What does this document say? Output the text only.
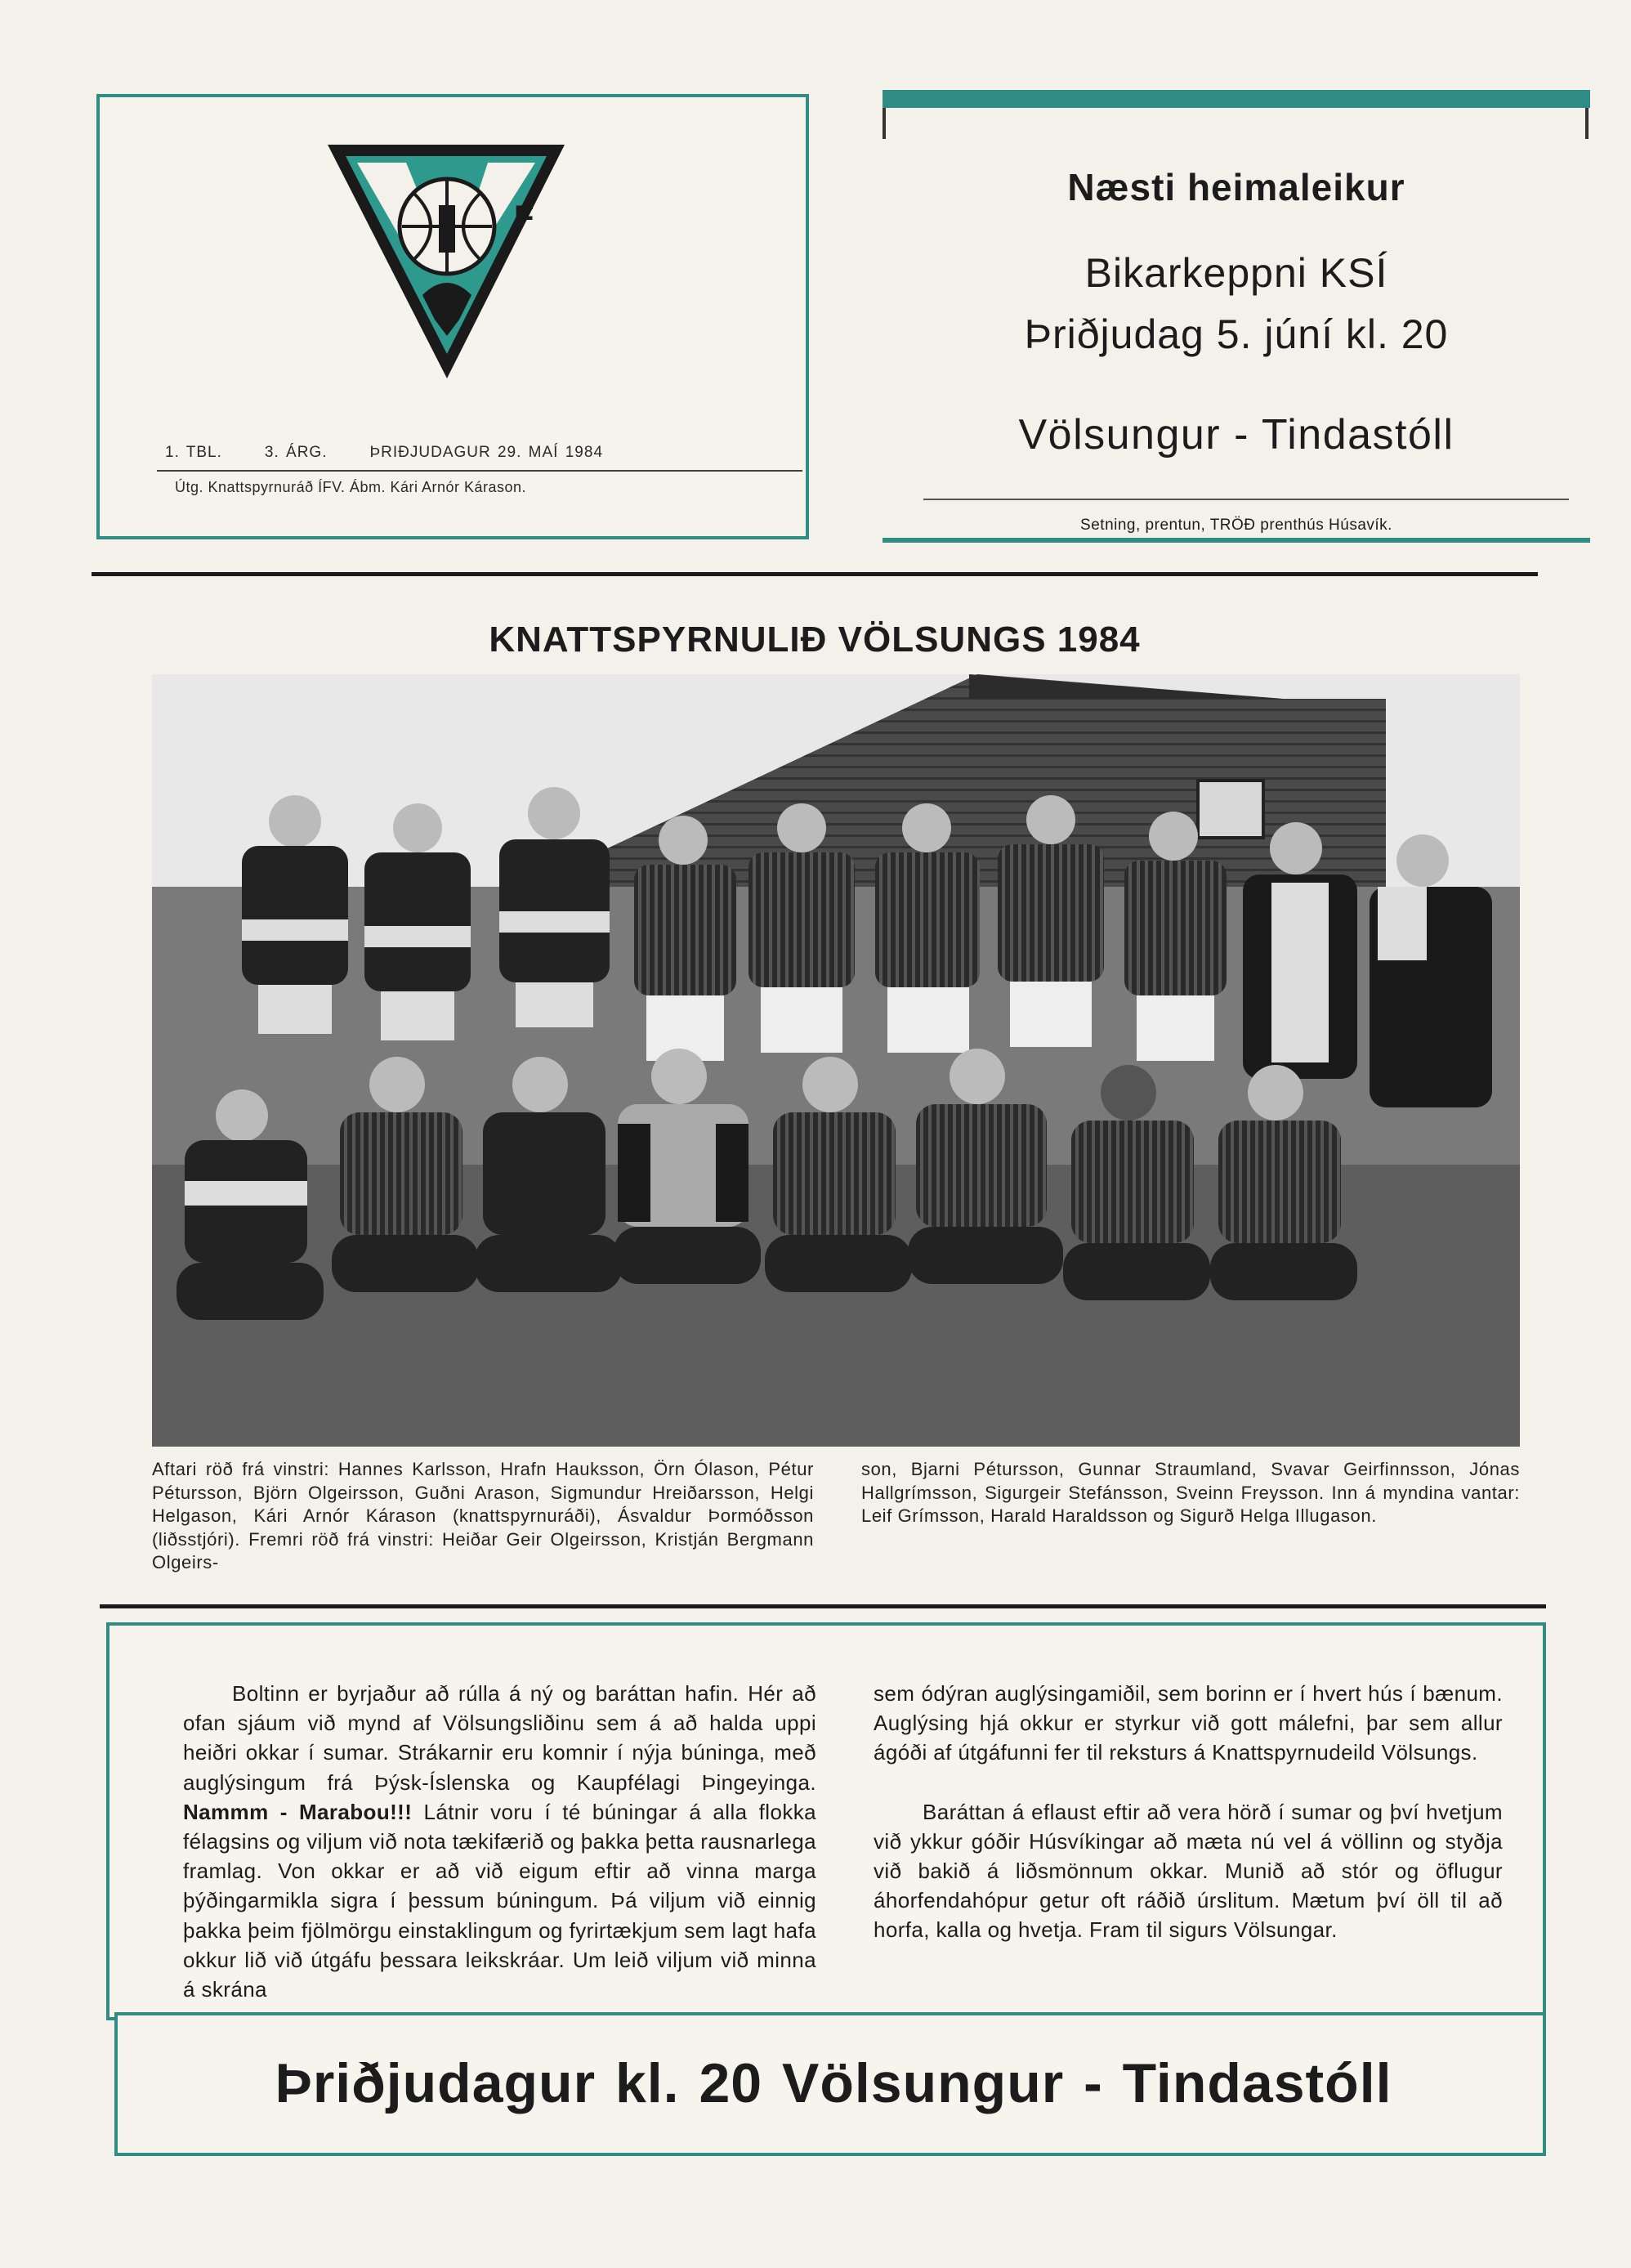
F
1. TBL.	3. ÁRG.	ÞRIÐJUDAGUR 29. MAÍ 1984
Útg. Knattspyrnuráð ÍFV. Ábm. Kári Arnór Kárason.
Næsti heimaleikur
Bikarkeppni KSÍ
Þriðjudag 5. júní kl. 20
Völsungur - Tindastóll
Setning, prentun, TRÖÐ prenthús Húsavík.
KNATTSPYRNULIÐ VÖLSUNGS 1984
Aftari röð frá vinstri: Hannes Karlsson, Hrafn Hauksson, Örn Ólason, Pétur Pétursson, Björn Olgeirsson, Guðni Arason, Sigmundur Hreiðarsson, Helgi Helgason, Kári Arnór Kárason (knattspyrnuráði), Ásvaldur Þormóðsson (liðsstjóri). Fremri röð frá vinstri: Heiðar Geir Olgeirsson, Kristján Bergmann Olgeirs-
son, Bjarni Pétursson, Gunnar Straumland, Svavar Geirfinnsson, Jónas Hallgrímsson, Sigurgeir Stefánsson, Sveinn Freysson. Inn á myndina vantar: Leif Grímsson, Harald Haraldsson og Sigurð Helga Illugason.

Boltinn er byrjaður að rúlla á ný og baráttan hafin. Hér að ofan sjáum við mynd af Völsungsliðinu sem á að halda uppi heiðri okkar í sumar. Strákarnir eru komnir í nýja búninga, með auglýsingum frá Þýsk-Íslenska og Kaupfélagi Þingeyinga. Nammm - Marabou!!! Látnir voru í té búningar á alla flokka félagsins og viljum við nota tækifærið og þakka þetta rausnarlega framlag. Von okkar er að við eigum eftir að vinna marga þýðingarmikla sigra í þessum búningum. Þá viljum við einnig þakka þeim fjölmörgu einstaklingum og fyrirtækjum sem lagt hafa okkur lið við útgáfu þessara leikskráar. Um leið viljum við minna á skrána

sem ódýran auglýsingamiðil, sem borinn er í hvert hús í bænum. Auglýsing hjá okkur er styrkur við gott málefni, þar sem allur ágóði af útgáfunni fer til reksturs á Knattspyrnudeild Völsungs.

Baráttan á eflaust eftir að vera hörð í sumar og því hvetjum við ykkur góðir Húsvíkingar að mæta nú vel á völlinn og styðja við bakið á liðsmönnum okkar. Munið að stór og öflugur áhorfendahópur getur oft ráðið úrslitum. Mætum því öll til að horfa, kalla og hvetja. Fram til sigurs Völsungar.

Þriðjudagur kl. 20 Völsungur - Tindastóll
